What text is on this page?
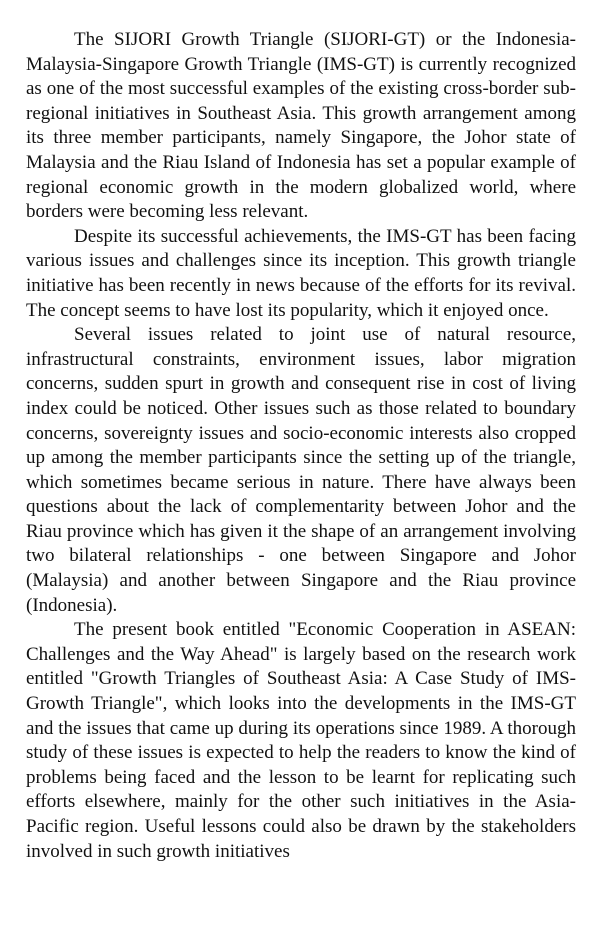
The SIJORI Growth Triangle (SIJORI-GT) or the Indonesia-Malaysia-Singapore Growth Triangle (IMS-GT) is currently recognized as one of the most successful examples of the existing cross-border sub-regional initiatives in Southeast Asia. This growth arrangement among its three member participants, namely Singapore, the Johor state of Malaysia and the Riau Island of Indonesia has set a popular example of regional economic growth in the modern globalized world, where borders were becoming less relevant.

Despite its successful achievements, the IMS-GT has been facing various issues and challenges since its inception. This growth triangle initiative has been recently in news because of the efforts for its revival. The concept seems to have lost its popularity, which it enjoyed once.

Several issues related to joint use of natural resource, infrastructural constraints, environment issues, labor migration concerns, sudden spurt in growth and consequent rise in cost of living index could be noticed. Other issues such as those related to boundary concerns, sovereignty issues and socio-economic interests also cropped up among the member participants since the setting up of the triangle, which sometimes became serious in nature. There have always been questions about the lack of complementarity between Johor and the Riau province which has given it the shape of an arrangement involving two bilateral relationships - one between Singapore and Johor (Malaysia) and another between Singapore and the Riau province (Indonesia).

The present book entitled "Economic Cooperation in ASEAN: Challenges and the Way Ahead" is largely based on the research work entitled "Growth Triangles of Southeast Asia: A Case Study of IMS- Growth Triangle", which looks into the developments in the IMS-GT and the issues that came up during its operations since 1989. A thorough study of these issues is expected to help the readers to know the kind of problems being faced and the lesson to be learnt for replicating such efforts elsewhere, mainly for the other such initiatives in the Asia-Pacific region. Useful lessons could also be drawn by the stakeholders involved in such growth initiatives
